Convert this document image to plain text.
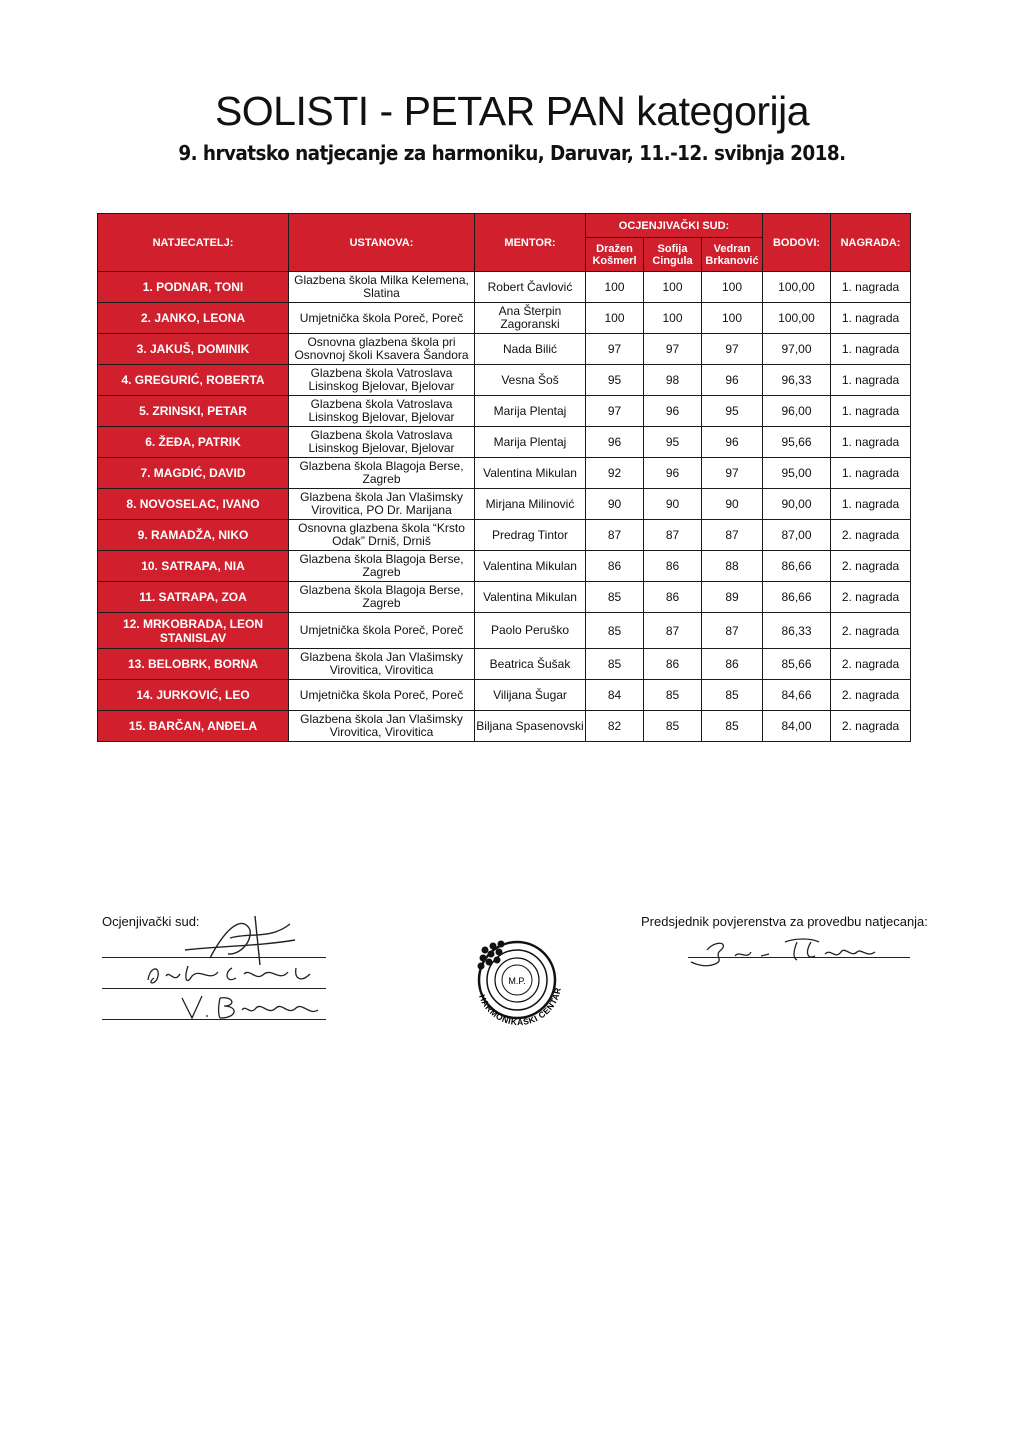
SOLISTI - PETAR PAN kategorija
9. hrvatsko natjecanje za harmoniku, Daruvar, 11.-12. svibnja 2018.
NATJECATELJ:	USTANOVA:	MENTOR:	OCJENJIVAČKI SUD:			BODOVI:	NAGRADA:
			Dražen Košmerl	Sofija Cingula	Vedran Brkanović		
1. PODNAR, TONI	Glazbena škola Milka Kelemena, Slatina	Robert Čavlović	100	100	100	100,00	1. nagrada
2. JANKO, LEONA	Umjetnička škola Poreč, Poreč	Ana Šterpin Zagoranski	100	100	100	100,00	1. nagrada
3. JAKUŠ, DOMINIK	Osnovna glazbena škola pri Osnovnoj školi Ksavera Šandora	Nada Bilić	97	97	97	97,00	1. nagrada
4. GREGURIĆ, ROBERTA	Glazbena škola Vatroslava Lisinskog Bjelovar, Bjelovar	Vesna Šoš	95	98	96	96,33	1. nagrada
5. ZRINSKI, PETAR	Glazbena škola Vatroslava Lisinskog Bjelovar, Bjelovar	Marija Plentaj	97	96	95	96,00	1. nagrada
6. ŽEĐA, PATRIK	Glazbena škola Vatroslava Lisinskog Bjelovar, Bjelovar	Marija Plentaj	96	95	96	95,66	1. nagrada
7. MAGDIĆ, DAVID	Glazbena škola Blagoja Berse, Zagreb	Valentina Mikulan	92	96	97	95,00	1. nagrada
8. NOVOSELAC, IVANO	Glazbena škola Jan Vlašimsky Virovitica, PO Dr. Marijana	Mirjana Milinović	90	90	90	90,00	1. nagrada
9. RAMADŽA, NIKO	Osnovna glazbena škola “Krsto Odak” Drniš, Drniš	Predrag Tintor	87	87	87	87,00	2. nagrada
10. SATRAPA, NIA	Glazbena škola Blagoja Berse, Zagreb	Valentina Mikulan	86	86	88	86,66	2. nagrada
11. SATRAPA, ZOA	Glazbena škola Blagoja Berse, Zagreb	Valentina Mikulan	85	86	89	86,66	2. nagrada
12. MRKOBRADA, LEON STANISLAV	Umjetnička škola Poreč, Poreč	Paolo Peruško	85	87	87	86,33	2. nagrada
13. BELOBRK, BORNA	Glazbena škola Jan Vlašimsky Virovitica, Virovitica	Beatrica Šušak	85	86	86	85,66	2. nagrada
14. JURKOVIĆ, LEO	Umjetnička škola Poreč, Poreč	Vilijana Šugar	84	85	85	84,66	2. nagrada
15. BARČAN, ANĐELA	Glazbena škola Jan Vlašimsky Virovitica, Virovitica	Biljana Spasenovski	82	85	85	84,00	2. nagrada
Ocjenjivački sud:	Predsjednik povjerenstva za provedbu natjecanja:
M.P.
HARMONIKAŠKI CENTAR
